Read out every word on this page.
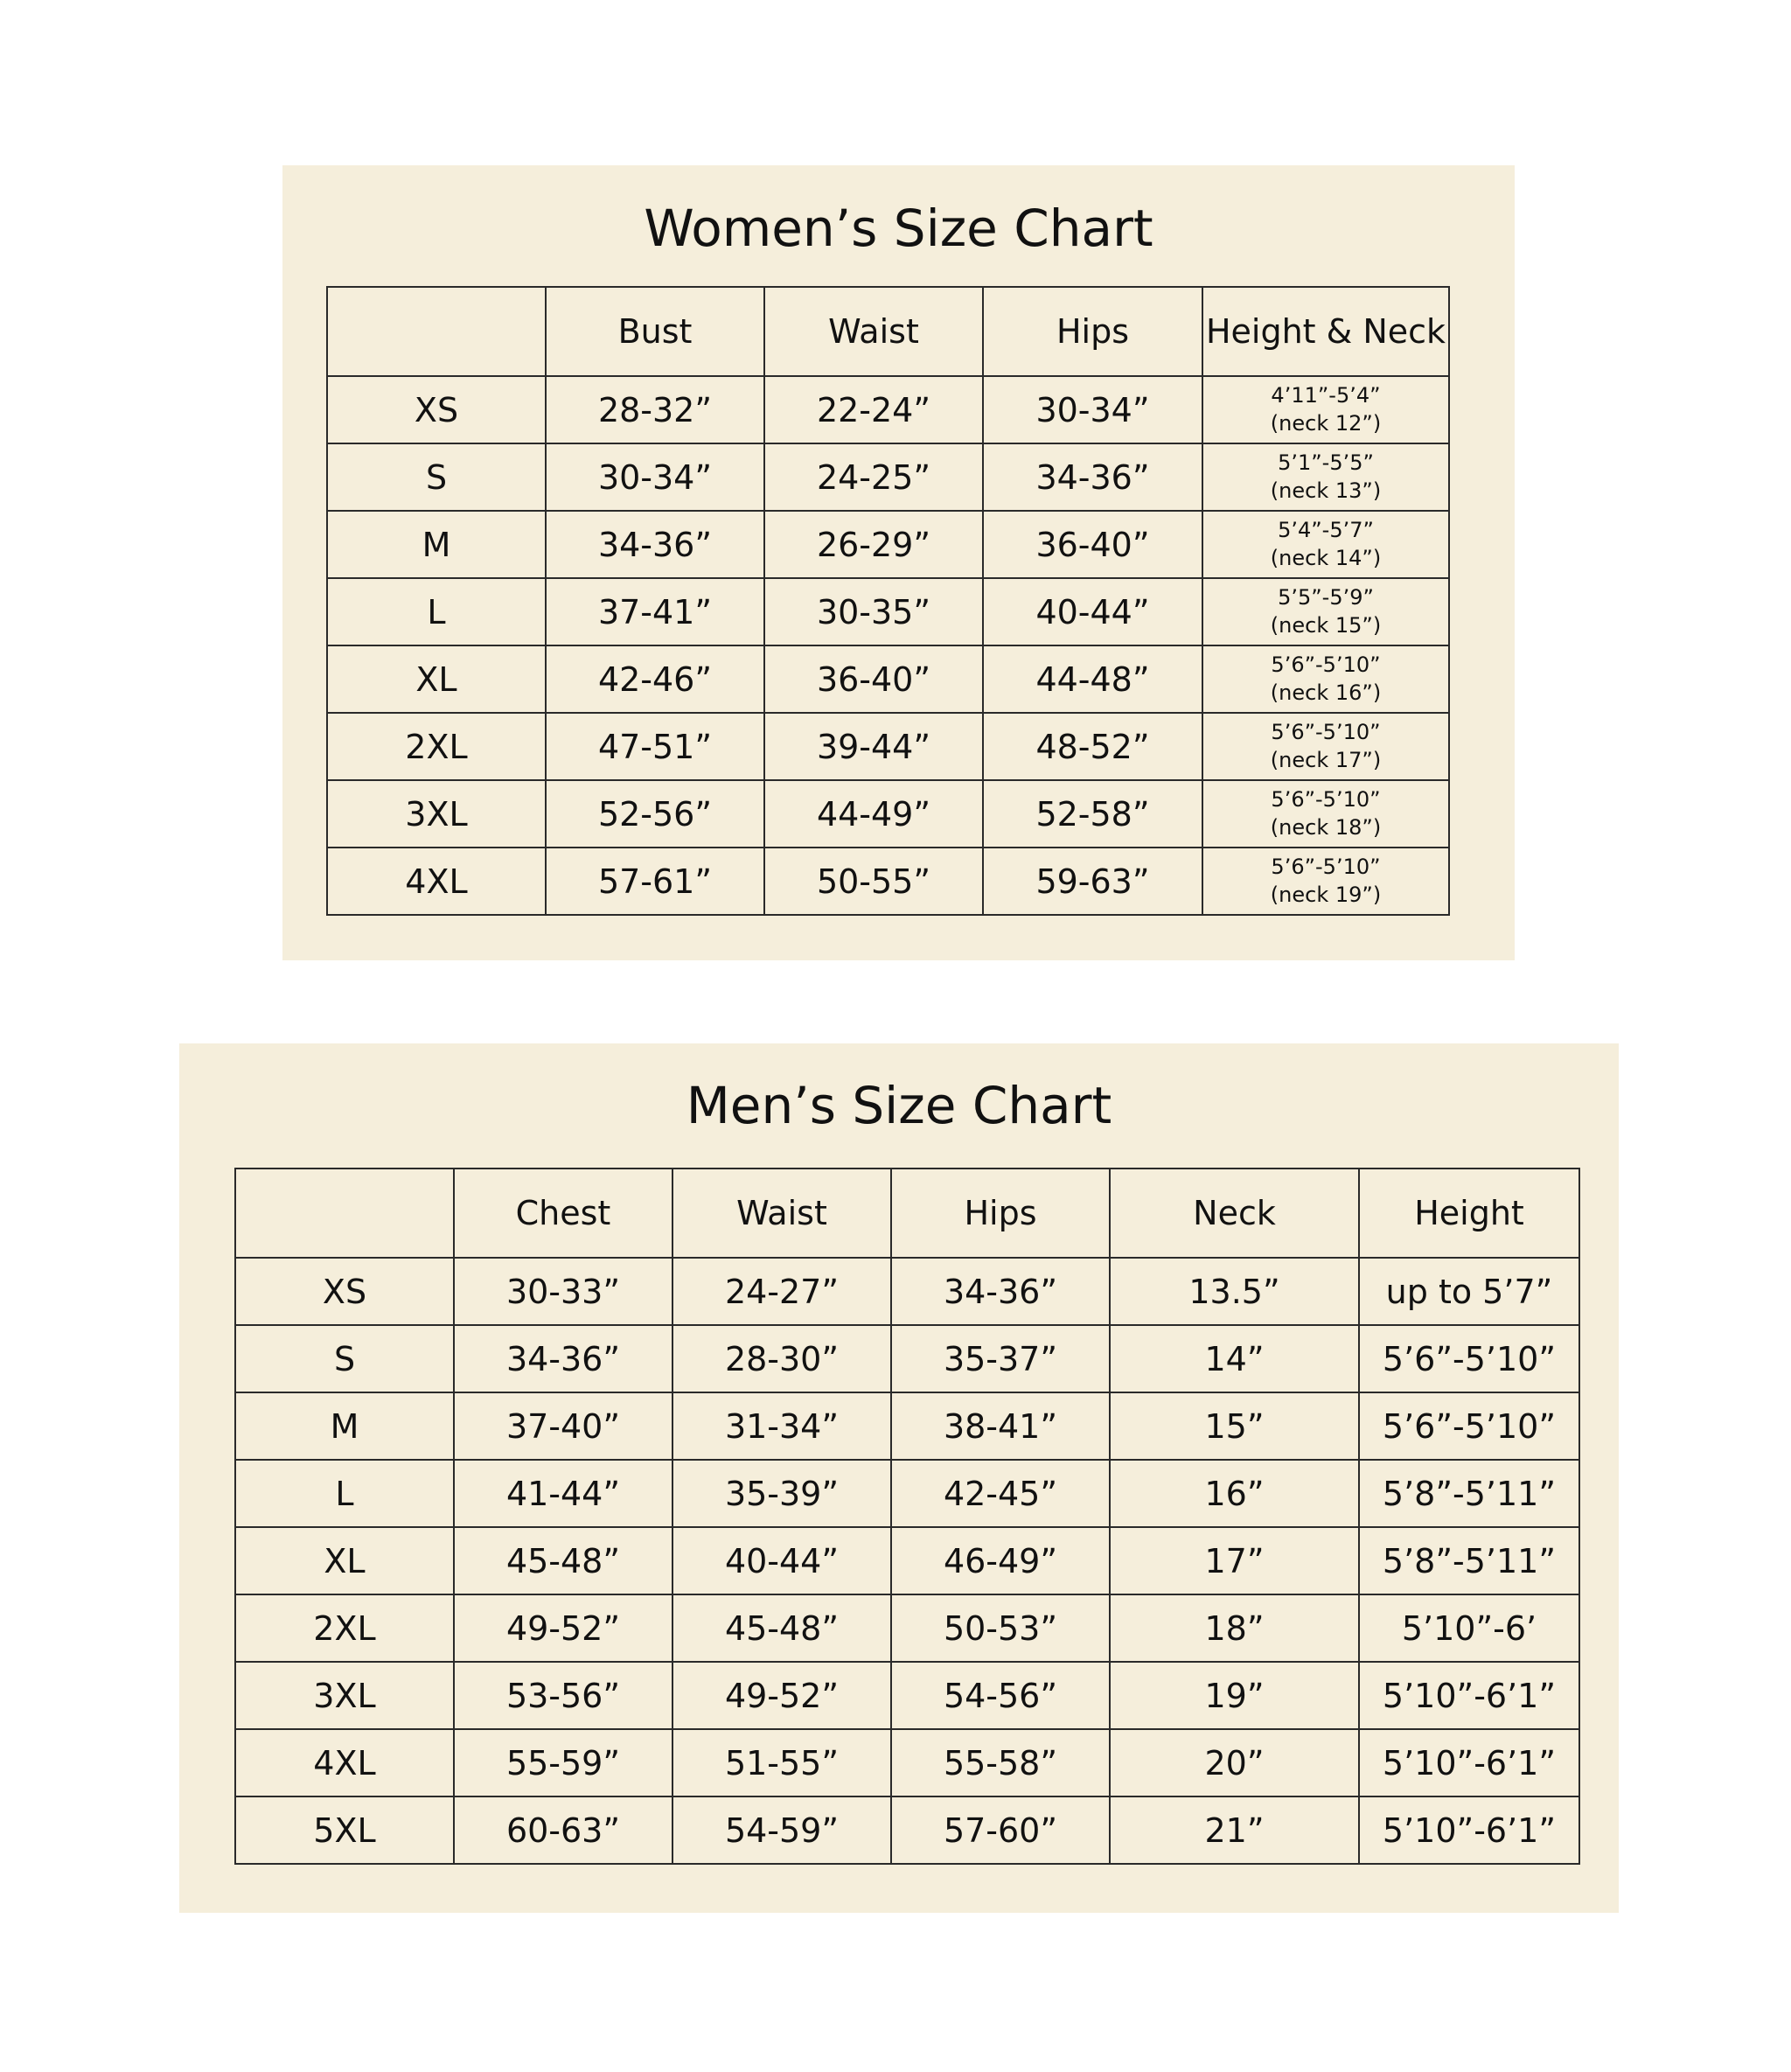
Women’s Size Chart
	Bust	Waist	Hips	Height & Neck
XS	28-32”	22-24”	30-34”	4’11”-5’4”
(neck 12”)

S	30-34”	24-25”	34-36”	5’1”-5’5”
(neck 13”)

M	34-36”	26-29”	36-40”	5’4”-5’7”
(neck 14”)

L	37-41”	30-35”	40-44”	5’5”-5’9”
(neck 15”)

XL	42-46”	36-40”	44-48”	5’6”-5’10”
(neck 16”)

2XL	47-51”	39-44”	48-52”	5’6”-5’10”
(neck 17”)

3XL	52-56”	44-49”	52-58”	5’6”-5’10”
(neck 18”)

4XL	57-61”	50-55”	59-63”	5’6”-5’10”
(neck 19”)
Men’s Size Chart
	Chest	Waist	Hips	Neck	Height
XS	30-33”	24-27”	34-36”	13.5”	up to 5’7”
S	34-36”	28-30”	35-37”	14”	5’6”-5’10”
M	37-40”	31-34”	38-41”	15”	5’6”-5’10”
L	41-44”	35-39”	42-45”	16”	5’8”-5’11”
XL	45-48”	40-44”	46-49”	17”	5’8”-5’11”
2XL	49-52”	45-48”	50-53”	18”	5’10”-6’
3XL	53-56”	49-52”	54-56”	19”	5’10”-6’1”
4XL	55-59”	51-55”	55-58”	20”	5’10”-6’1”
5XL	60-63”	54-59”	57-60”	21”	5’10”-6’1”
